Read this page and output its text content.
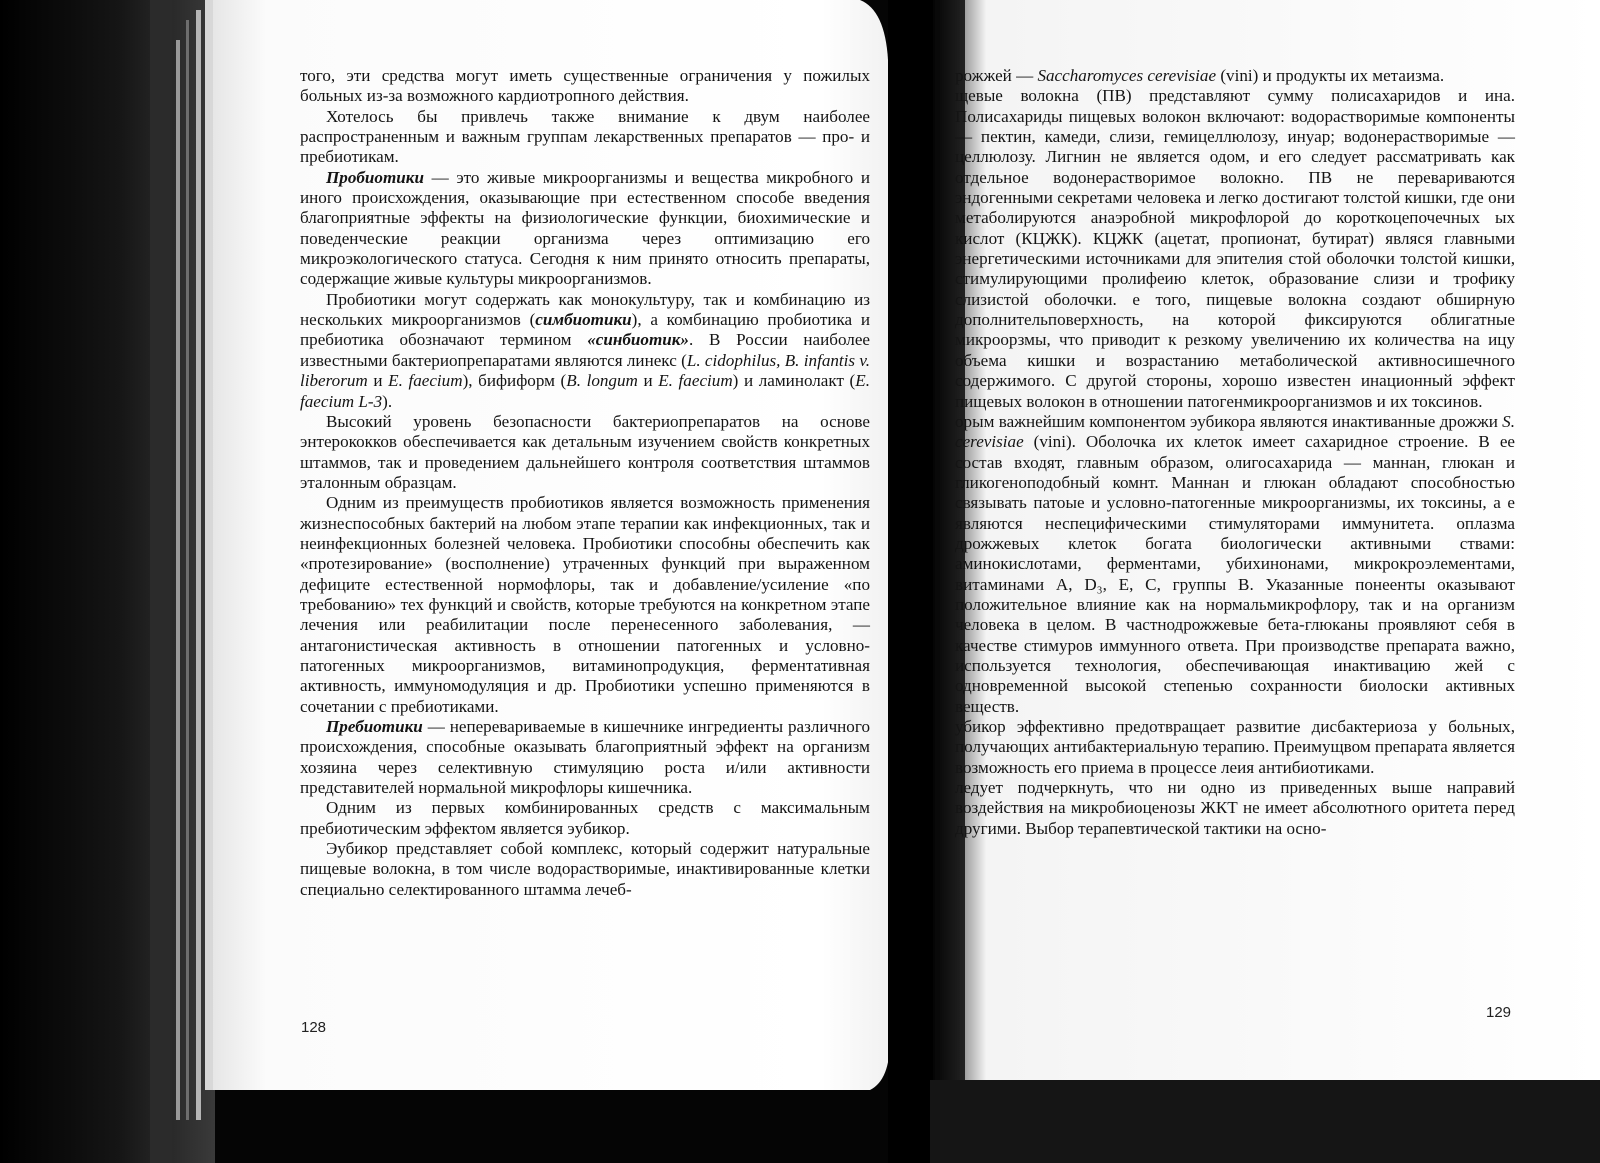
того, эти средства могут иметь существенные ограничения у пожилых больных из-за возможного кардиотропного действия.

Хотелось бы привлечь также внимание к двум наиболее распространенным и важным группам лекарственных препаратов — про- и пребиотикам.

Пробиотики — это живые микроорганизмы и вещества микробного и иного происхождения, оказывающие при естественном способе введения благоприятные эффекты на физиологические функции, биохимические и поведенческие реакции организма через оптимизацию его микроэкологического статуса. Сегодня к ним принято относить препараты, содержащие живые культуры микроорганизмов.

Пробиотики могут содержать как монокультуру, так и комбинацию из нескольких микроорганизмов (симбиотики), а комбинацию пробиотика и пребиотика обозначают термином «синбиотик». В России наиболее известными бактериопрепаратами являются линекс (L. cidophilus, B. infantis v. liberorum и E. faecium), бифиформ (B. longum и E. faecium) и ламинолакт (E. faecium L-3).

Высокий уровень безопасности бактериопрепаратов на основе энтерококков обеспечивается как детальным изучением свойств конкретных штаммов, так и проведением дальнейшего контроля соответствия штаммов эталонным образцам.

Одним из преимуществ пробиотиков является возможность применения жизнеспособных бактерий на любом этапе терапии как инфекционных, так и неинфекционных болезней человека. Пробиотики способны обеспечить как «протезирование» (восполнение) утраченных функций при выраженном дефиците естественной нормофлоры, так и добавление/усиление «по требованию» тех функций и свойств, которые требуются на конкретном этапе лечения или реабилитации после перенесенного заболевания, — антагонистическая активность в отношении патогенных и условно-патогенных микроорганизмов, витаминопродукция, ферментативная активность, иммуномодуляция и др. Пробиотики успешно применяются в сочетании с пребиотиками.

Пребиотики — неперевариваемые в кишечнике ингредиенты различного происхождения, способные оказывать благоприятный эффект на организм хозяина через селективную стимуляцию роста и/или активности представителей нормальной микрофлоры кишечника.

Одним из первых комбинированных средств с максимальным пребиотическим эффектом является эубикор.

Эубикор представляет собой комплекс, который содержит натуральные пищевые волокна, в том числе водорастворимые, инактивированные клетки специально селектированного штамма лечеб-

рожжей — Saccharomyces cerevisiae (vini) и продукты их метаизма.

щевые волокна (ПВ) представляют сумму полисахаридов и ина. Полисахариды пищевых волокон включают: водорастворимые компоненты — пектин, камеди, слизи, гемицеллюлозу, инуар; водонерастворимые — целлюлозу. Лигнин не является одом, и его следует рассматривать как отдельное водонерастворимое волокно. ПВ не перевариваются эндогенными секретами человека и легко достигают толстой кишки, где они метаболируются анаэробной микрофлорой до короткоцепочечных ых кислот (КЦЖК). КЦЖК (ацетат, пропионат, бутират) являся главными энергетическими источниками для эпителия стой оболочки толстой кишки, стимулирующими пролифеию клеток, образование слизи и трофику слизистой оболочки. е того, пищевые волокна создают обширную дополнительповерхность, на которой фиксируются облигатные микроорзмы, что приводит к резкому увеличению их количества на ицу объема кишки и возрастанию метаболической активносишечного содержимого. С другой стороны, хорошо известен инационный эффект пищевых волокон в отношении патогенмикроорганизмов и их токсинов.

орым важнейшим компонентом эубикора являются инактиванные дрожжи S. cerevisiae (vini). Оболочка их клеток имеет сахаридное строение. В ее состав входят, главным образом, олигосахарида — маннан, глюкан и гликогеноподобный комнт. Маннан и глюкан обладают способностью связывать патоые и условно-патогенные микроорганизмы, их токсины, а е являются неспецифическими стимуляторами иммунитета. оплазма дрожжевых клеток богата биологически активными ствами: аминокислотами, ферментами, убихинонами, микрокроэлементами, витаминами А, D₃, Е, С, группы В. Указанные понеенты оказывают положительное влияние как на нормальмикрофлору, так и на организм человека в целом. В частнодрожжевые бета-глюканы проявляют себя в качестве стимуров иммунного ответа. При производстве препарата важно, используется технология, обеспечивающая инактивацию жей с одновременной высокой степенью сохранности биолоски активных веществ.

убикор эффективно предотвращает развитие дисбактериоза у больных, получающих антибактериальную терапию. Преимущвом препарата является возможность его приема в процессе леия антибиотиками.

ледует подчеркнуть, что ни одно из приведенных выше направий воздействия на микробиоценозы ЖКТ не имеет абсолютного оритета перед другими. Выбор терапевтической тактики на осно-

128
129
